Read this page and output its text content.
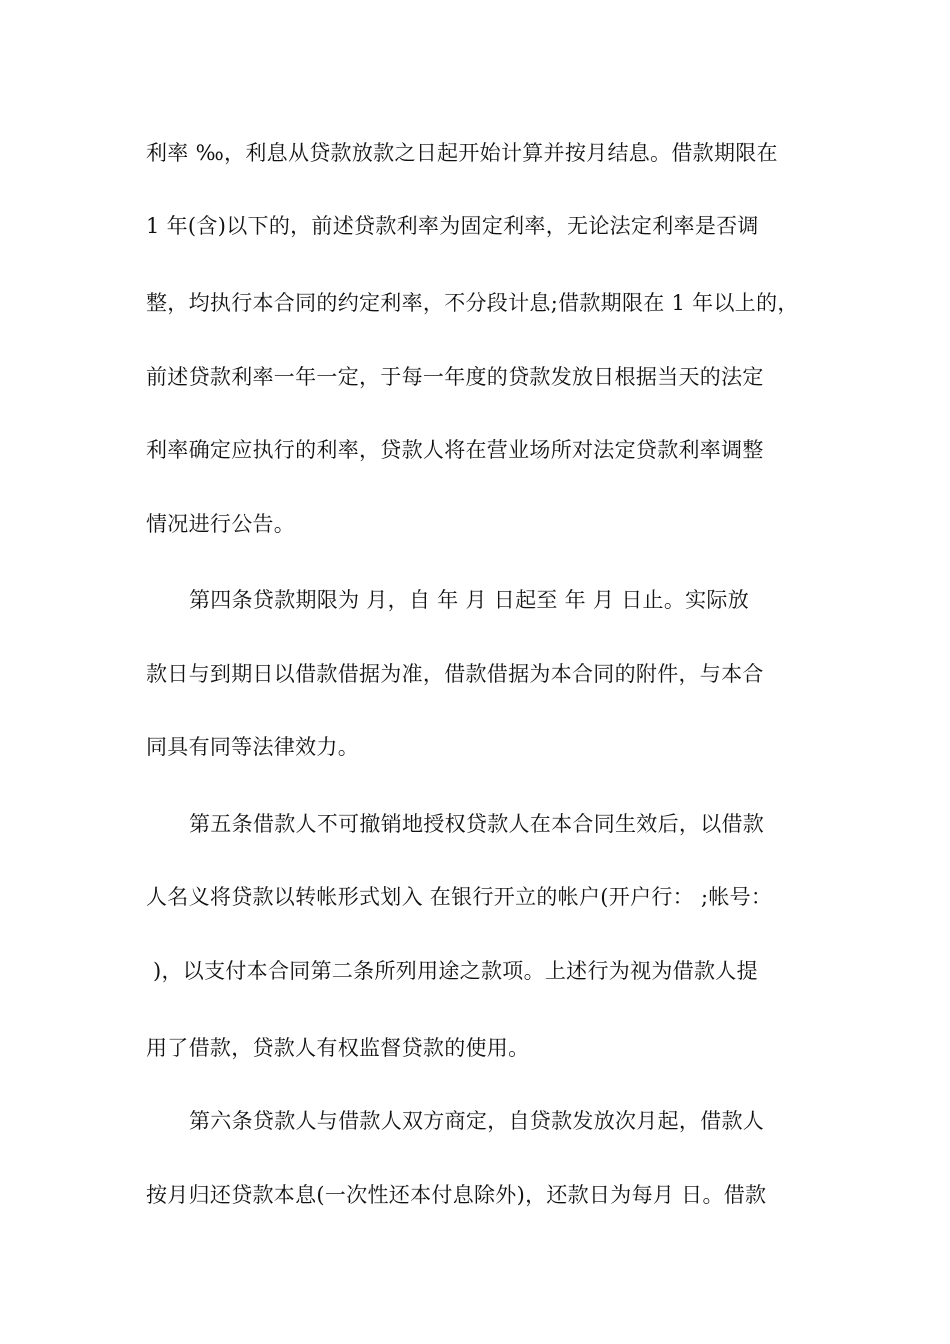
利率 ‰，利息从贷款放款之日起开始计算并按月结息。借款期限在
1 年(含)以下的，前述贷款利率为固定利率，无论法定利率是否调
整，均执行本合同的约定利率，不分段计息;借款期限在 1 年以上的，
前述贷款利率一年一定，于每一年度的贷款发放日根据当天的法定
利率确定应执行的利率，贷款人将在营业场所对法定贷款利率调整
情况进行公告。
第四条贷款期限为 月，自 年 月 日起至 年 月 日止。实际放
款日与到期日以借款借据为准，借款借据为本合同的附件，与本合
同具有同等法律效力。
第五条借款人不可撤销地授权贷款人在本合同生效后，以借款
人名义将贷款以转帐形式划入 在银行开立的帐户(开户行： ;帐号：
)，以支付本合同第二条所列用途之款项。上述行为视为借款人提
用了借款，贷款人有权监督贷款的使用。
第六条贷款人与借款人双方商定，自贷款发放次月起，借款人
按月归还贷款本息(一次性还本付息除外)，还款日为每月 日。借款
